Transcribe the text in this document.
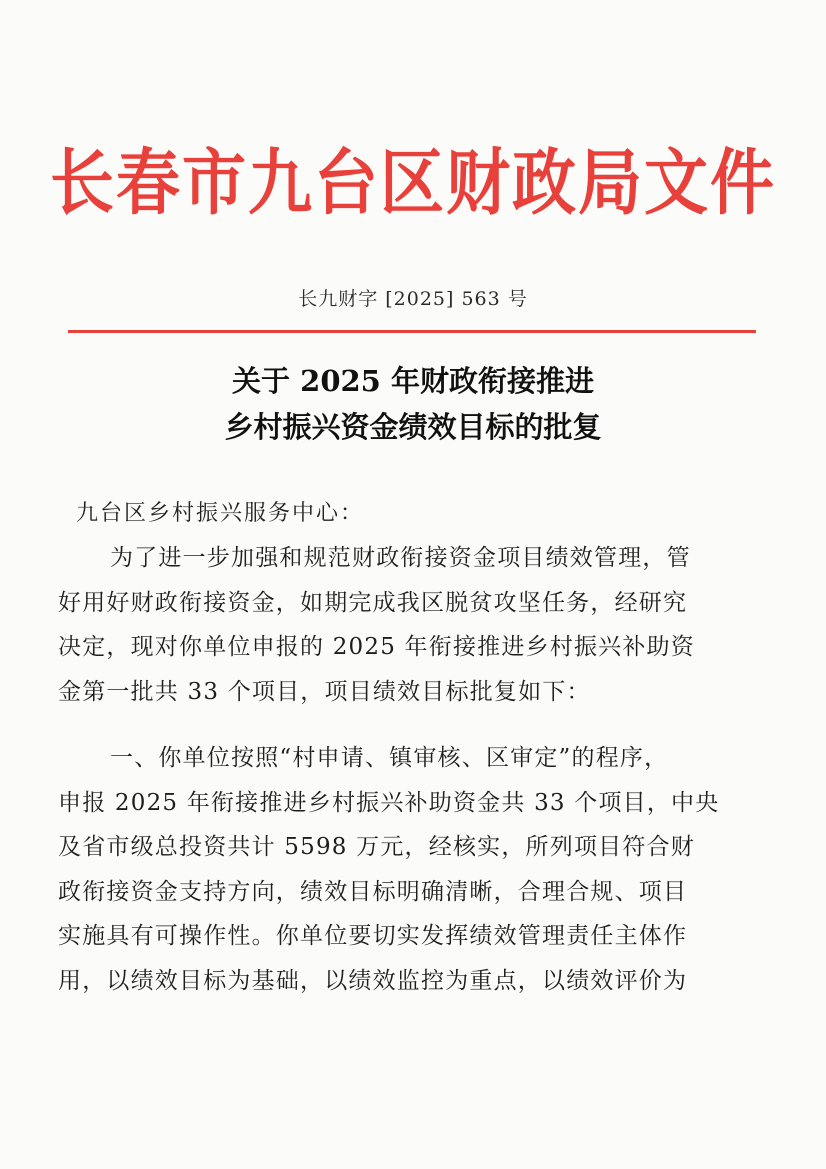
长春市九台区财政局文件
长九财字 [2025] 563 号
关于 2025 年财政衔接推进
乡村振兴资金绩效目标的批复
九台区乡村振兴服务中心：

为了进一步加强和规范财政衔接资金项目绩效管理，管
好用好财政衔接资金，如期完成我区脱贫攻坚任务，经研究
决定，现对你单位申报的 2025 年衔接推进乡村振兴补助资
金第一批共 33 个项目，项目绩效目标批复如下：

一、你单位按照“村申请、镇审核、区审定”的程序，
申报 2025 年衔接推进乡村振兴补助资金共 33 个项目，中央
及省市级总投资共计 5598 万元，经核实，所列项目符合财
政衔接资金支持方向，绩效目标明确清晰，合理合规、项目
实施具有可操作性。你单位要切实发挥绩效管理责任主体作
用，以绩效目标为基础，以绩效监控为重点，以绩效评价为
